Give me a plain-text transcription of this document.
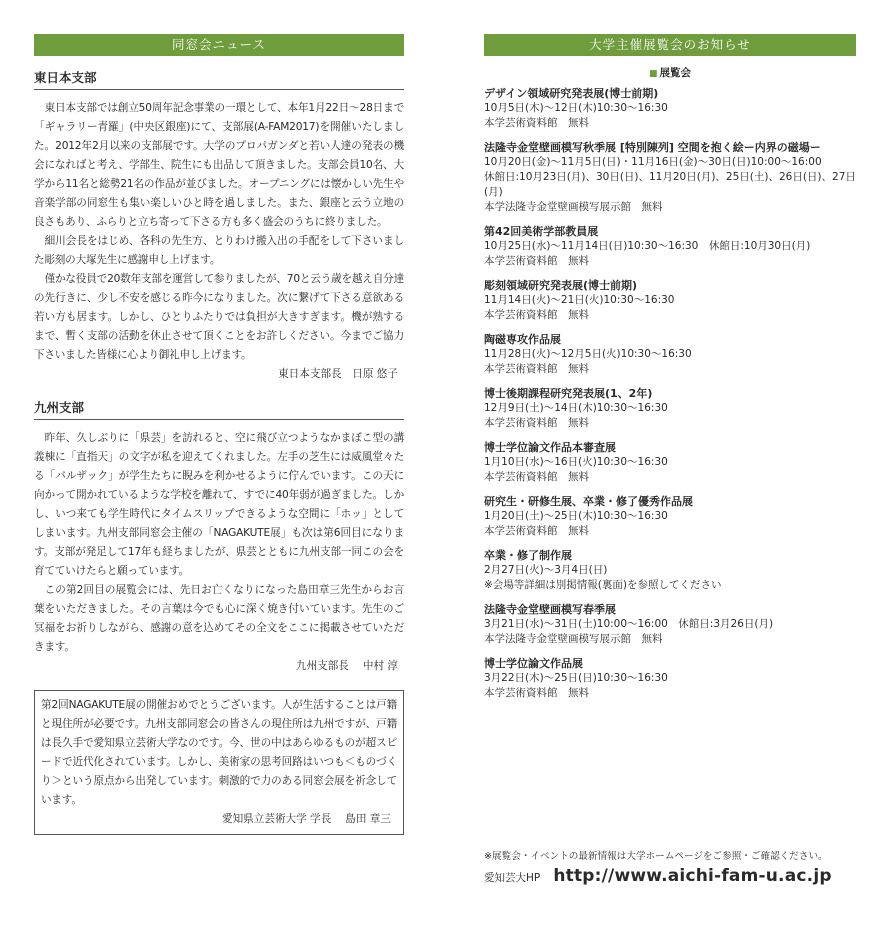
同窓会ニュース
東日本支部

東日本支部では創立50周年記念事業の一環として、本年1月22日～28日まで「ギャラリー青羅」(中央区銀座)にて、支部展(A-FAM2017)を開催いたしました。2012年2月以来の支部展です。大学のプロパガンダと若い人達の発表の機会になればと考え、学部生、院生にも出品して頂きました。支部会員10名、大学から11名と総勢21名の作品が並びました。オープニングには懐かしい先生や音楽学部の同窓生も集い楽しいひと時を過しました。また、銀座と云う立地の良さもあり、ふらりと立ち寄って下さる方も多く盛会のうちに終りました。

細川会長をはじめ、各科の先生方、とりわけ搬入出の手配をして下さいました彫刻の大塚先生に感謝申し上げます。

僅かな役員で20数年支部を運営して参りましたが、70と云う歳を越え自分達の先行きに、少し不安を感じる昨今になりました。次に繋げて下さる意欲ある若い方も居ます。しかし、ひとりふたりでは負担が大きすぎます。機が熟するまで、暫く支部の活動を休止させて頂くことをお許しください。今までご協力下さいました皆様に心より御礼申し上げます。

東日本支部長　日原 悠子
九州支部

昨年、久しぶりに「県芸」を訪れると、空に飛び立つようなかまぼこ型の講義棟に「直指天」の文字が私を迎えてくれました。左手の芝生には威風堂々たる「バルザック」が学生たちに睨みを利かせるように佇んでいます。この天に向かって開かれているような学校を離れて、すでに40年弱が過ぎました。しかし、いつ来ても学生時代にタイムスリップできるような空間に「ホッ」としてしまいます。九州支部同窓会主催の「NAGAKUTE展」も次は第6回目になります。支部が発足して17年も経ちましたが、県芸とともに九州支部一同この会を育てていけたらと願っています。

この第2回目の展覧会には、先日お亡くなりになった島田章三先生からお言葉をいただきました。その言葉は今でも心に深く焼き付いています。先生のご冥福をお祈りしながら、感謝の意を込めてその全文をここに掲載させていただきます。

九州支部長　 中村 淳

第2回NAGAKUTE展の開催おめでとうございます。人が生活することは戸籍と現住所が必要です。九州支部同窓会の皆さんの現住所は九州ですが、戸籍は長久手で愛知県立芸術大学なのです。今、世の中はあらゆるものが超スピードで近代化されています。しかし、美術家の思考回路はいつも＜ものづくり＞という原点から出発しています。刺激的で力のある同窓会展を祈念しています。

愛知県立芸術大学 学長　 島田 章三
大学主催展覧会のお知らせ
■ 展覧会
デザイン領域研究発表展(博士前期)
10月5日(木)～12日(木)10:30～16:30
本学芸術資料館　無料
法隆寺金堂壁画模写秋季展 [特別陳列] 空間を抱く絵ー内界の磁場ー
10月20日(金)～11月5日(日)・11月16日(金)～30日(日)10:00～16:00
休館日:10月23日(月)、30日(日)、11月20日(月)、25日(土)、26日(日)、27日(月)
本学法隆寺金堂壁画模写展示館　無料
第42回美術学部教員展
10月25日(水)～11月14日(日)10:30～16:30　休館日:10月30日(月)
本学芸術資料館　無料
彫刻領域研究発表展(博士前期)
11月14日(火)～21日(火)10:30～16:30
本学芸術資料館　無料
陶磁専攻作品展
11月28日(火)～12月5日(火)10:30～16:30
本学芸術資料館　無料
博士後期課程研究発表展(1、2年)
12月9日(土)～14日(木)10:30～16:30
本学芸術資料館　無料
博士学位論文作品本審査展
1月10日(水)～16日(火)10:30～16:30
本学芸術資料館　無料
研究生・研修生展、卒業・修了優秀作品展
1月20日(土)～25日(木)10:30～16:30
本学芸術資料館　無料
卒業・修了制作展
2月27日(火)～3月4日(日)
※会場等詳細は別掲情報(裏面)を参照してください
法隆寺金堂壁画模写春季展
3月21日(水)～31日(土)10:00～16:00　休館日:3月26日(月)
本学法隆寺金堂壁画模写展示館　無料
博士学位論文作品展
3月22日(木)～25日(日)10:30～16:30
本学芸術資料館　無料
※展覧会・イベントの最新情報は大学ホームページをご参照・ご確認ください。
愛知芸大HP http://www.aichi-fam-u.ac.jp
